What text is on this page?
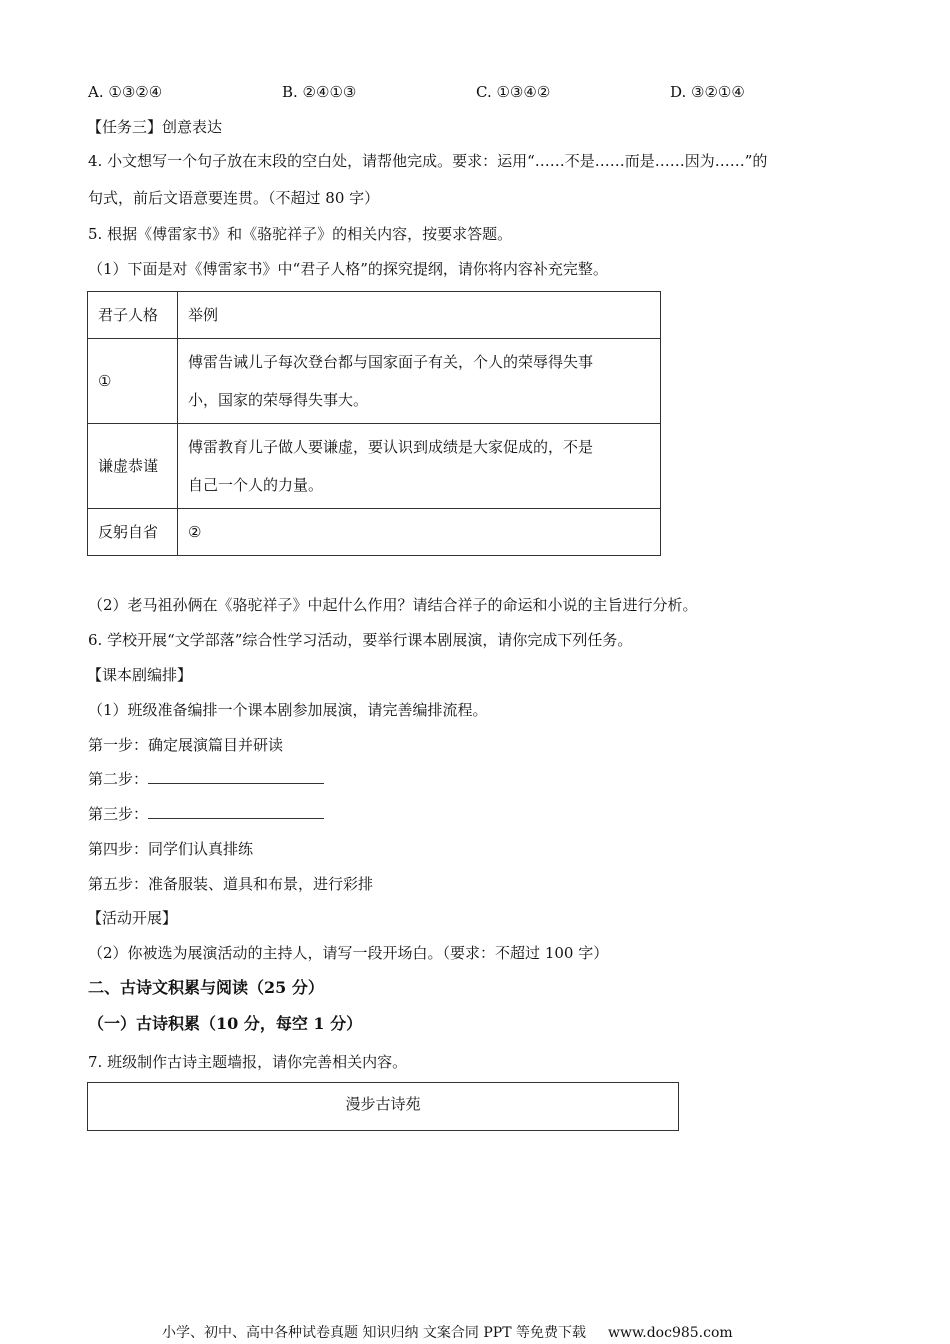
A. ①③②④	B. ②④①③	C. ①③④②	D. ③②①④
【任务三】创意表达
4. 小文想写一个句子放在末段的空白处，请帮他完成。要求：运用“……不是……而是……因为……”的
句式，前后文语意要连贯。（不超过 80 字）
5. 根据《傅雷家书》和《骆驼祥子》的相关内容，按要求答题。
（1）下面是对《傅雷家书》中“君子人格”的探究提纲，请你将内容补充完整。
君子人格	举例
①	傅雷告诫儿子每次登台都与国家面子有关，个人的荣辱得失事
小，国家的荣辱得失事大。

谦虚恭谨	傅雷教育儿子做人要谦虚，要认识到成绩是大家促成的，不是
自己一个人的力量。

反躬自省	②
（2）老马祖孙俩在《骆驼祥子》中起什么作用？请结合祥子的命运和小说的主旨进行分析。
6. 学校开展“文学部落”综合性学习活动，要举行课本剧展演，请你完成下列任务。
【课本剧编排】
（1）班级准备编排一个课本剧参加展演，请完善编排流程。
第一步：确定展演篇目并研读
第二步：
第三步：
第四步：同学们认真排练
第五步：准备服装、道具和布景，进行彩排
【活动开展】
（2）你被选为展演活动的主持人，请写一段开场白。（要求：不超过 100 字）
二、古诗文积累与阅读（25 分）
（一）古诗积累（10 分，每空 1 分）
7. 班级制作古诗主题墙报，请你完善相关内容。
漫步古诗苑
小学、初中、高中各种试卷真题 知识归纳 文案合同 PPT 等免费下载 www.doc985.com
